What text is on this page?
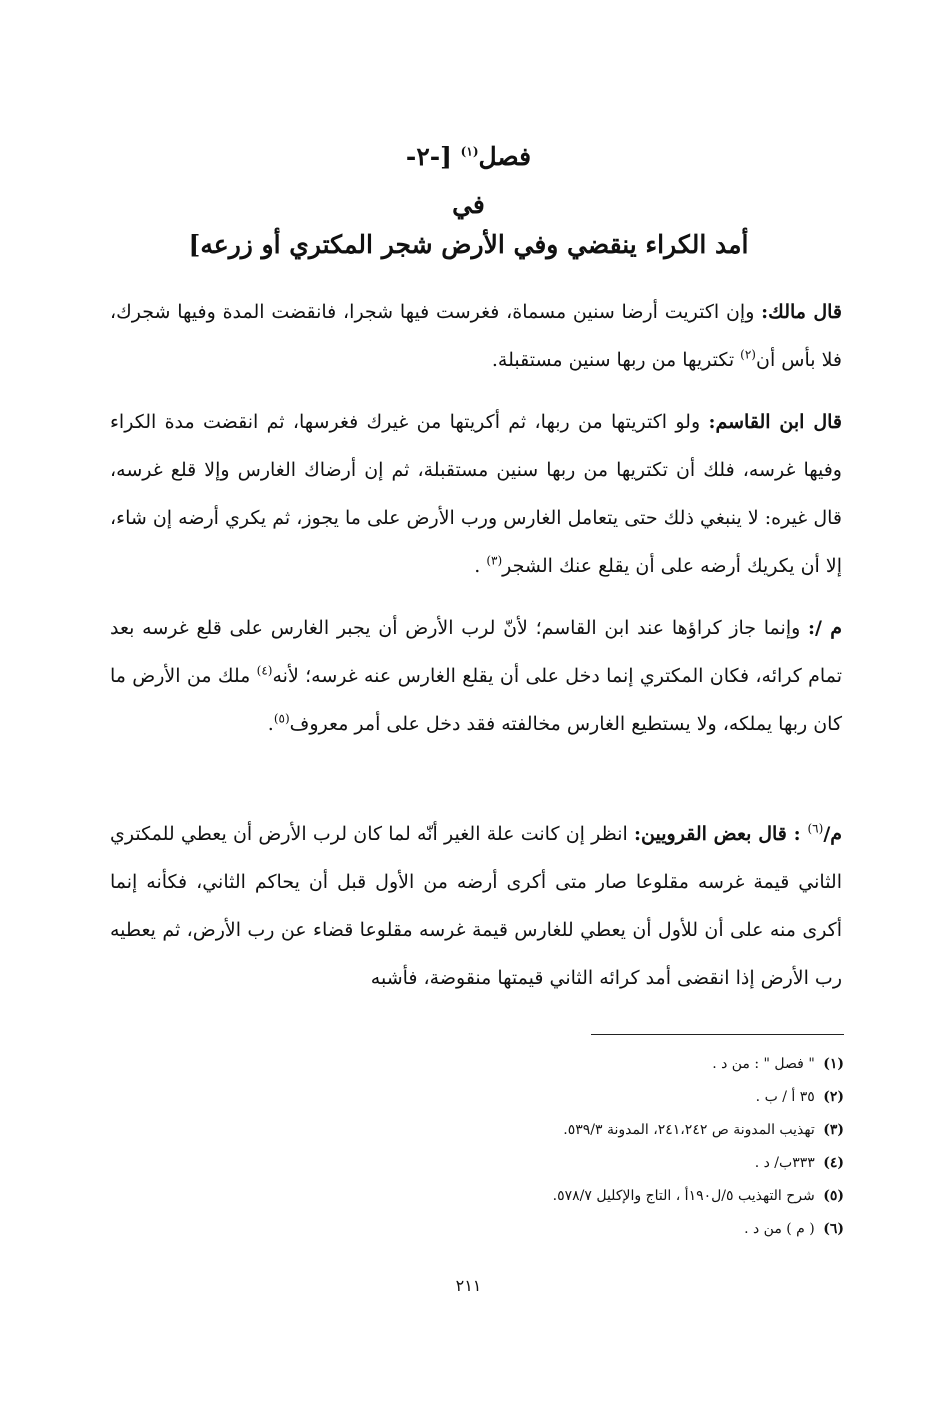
فصل$^{(١)}$ [-٢-
في
أمد الكراء ينقضي وفي الأرض شجر المكتري أو زرعه]

قال مالك: وإن اكتريت أرضا سنين مسماة، فغرست فيها شجرا، فانقضت المدة وفيها شجرك، فلا بأس أن$^{(٢)}$ تكتريها من ربها سنين مستقبلة.

قال ابن القاسم: ولو اكتريتها من ربها، ثم أكريتها من غيرك فغرسها، ثم انقضت مدة الكراء وفيها غرسه، فلك أن تكتريها من ربها سنين مستقبلة، ثم إن أرضاك الغارس وإلا قلع غرسه، قال غيره: لا ينبغي ذلك حتى يتعامل الغارس ورب الأرض على ما يجوز، ثم يكري أرضه إن شاء، إلا أن يكريك أرضه على أن يقلع عنك الشجر$^{(٣)}$ .

م /: وإنما جاز كراؤها عند ابن القاسم؛ لأنّ لرب الأرض أن يجبر الغارس على قلع غرسه بعد تمام كرائه، فكان المكتري إنما دخل على أن يقلع الغارس عنه غرسه؛ لأنه$^{(٤)}$ ملك من الأرض ما كان ربها يملكه، ولا يستطيع الغارس مخالفته فقد دخل على أمر معروف$^{(٥)}$.

م/$^{(٦)}$ : قال بعض القرويين: انظر إن كانت علة الغير أنّه لما كان لرب الأرض أن يعطي للمكتري الثاني قيمة غرسه مقلوعا صار متى أكرى أرضه من الأول قبل أن يحاكم الثاني، فكأنه إنما أكرى منه على أن للأول أن يعطي للغارس قيمة غرسه مقلوعا قضاء عن رب الأرض، ثم يعطيه رب الأرض إذا انقضى أمد كرائه الثاني قيمتها منقوضة، فأشبه

(١) " فصل " : من د .
(٢) ٣٥ أ / ب .
(٣) تهذيب المدونة ص ٢٤١،٢٤٢، المدونة ٥٣٩/٣.
(٤) ٣٣٣ب/ د .
(٥) شرح التهذيب ٥/ل١٩٠أ ، التاج والإكليل ٥٧٨/٧.
(٦) ( م ) من د .
٢١١
